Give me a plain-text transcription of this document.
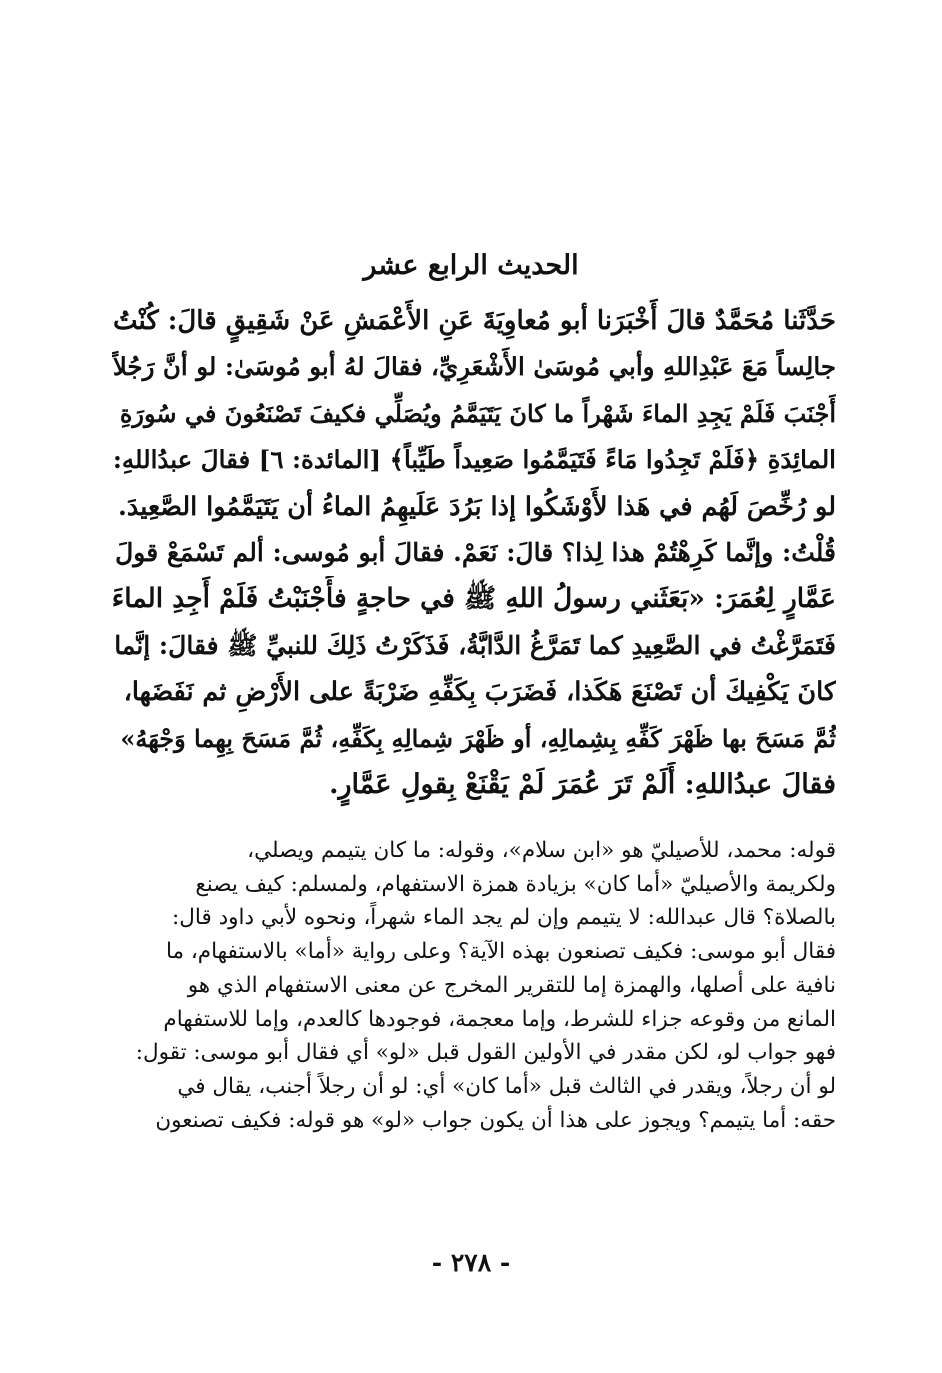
الحديث الرابع عشر
حَدَّثَنا مُحَمَّدٌ قالَ أَخْبَرَنا أبو مُعاوِيَةَ عَنِ الأَعْمَشِ عَنْ شَقِيقٍ قالَ: كُنْتُ
جالِساً مَعَ عَبْدِاللهِ وأبي مُوسَىٰ الأَشْعَرِيِّ، فقالَ لهُ أبو مُوسَىٰ: لو أنَّ رَجُلاً
أَجْنَبَ فَلَمْ يَجِدِ الماءَ شَهْراً ما كانَ يَتَيَمَّمُ ويُصَلِّي فكيفَ تَصْنَعُونَ في سُورَةِ
المائِدَةِ ﴿فَلَمْ تَجِدُوا مَاءً فَتَيَمَّمُوا صَعِيداً طَيِّباً﴾ [المائدة: ٦] فقالَ عبدُاللهِ:
لو رُخِّصَ لَهُم في هَذا لأَوْشَكُوا إذا بَرُدَ عَلَيهِمُ الماءُ أن يَتَيَمَّمُوا الصَّعِيدَ.
قُلْتُ: وإنَّما كَرِهْتُمْ هذا لِذا؟ قالَ: نَعَمْ. فقالَ أبو مُوسى: ألم تَسْمَعْ قولَ
عَمَّارٍ لِعُمَرَ: «بَعَثَني رسولُ اللهِ ﷺ في حاجةٍ فأَجْنَبْتُ فَلَمْ أَجِدِ الماءَ
فَتَمَرَّغْتُ في الصَّعِيدِ كما تَمَرَّغُ الدَّابَّةُ، فَذَكَرْتُ ذَلِكَ للنبيِّ ﷺ فقالَ: إنَّما
كانَ يَكْفِيكَ أن تَصْنَعَ هَكَذا، فَضَرَبَ بِكَفِّهِ ضَرْبَةً على الأَرْضِ ثم نَفَضَها،
ثُمَّ مَسَحَ بها ظَهْرَ كَفِّهِ بِشِمالِهِ، أو ظَهْرَ شِمالِهِ بِكَفِّهِ، ثُمَّ مَسَحَ بِهِما وَجْهَهُ»
فقالَ عبدُاللهِ: أَلَمْ تَرَ عُمَرَ لَمْ يَقْنَعْ بِقولِ عَمَّارٍ.
قوله: محمد، للأصيليّ هو «ابن سلام»، وقوله: ما كان يتيمم ويصلي،
ولكريمة والأصيليّ «أما كان» بزيادة همزة الاستفهام، ولمسلم: كيف يصنع
بالصلاة؟ قال عبدالله: لا يتيمم وإن لم يجد الماء شهراً، ونحوه لأبي داود قال:
فقال أبو موسى: فكيف تصنعون بهذه الآية؟ وعلى رواية «أما» بالاستفهام، ما
نافية على أصلها، والهمزة إما للتقرير المخرج عن معنى الاستفهام الذي هو
المانع من وقوعه جزاء للشرط، وإما معجمة، فوجودها كالعدم، وإما للاستفهام
فهو جواب لو، لكن مقدر في الأولين القول قبل «لو» أي فقال أبو موسى: تقول:
لو أن رجلاً، ويقدر في الثالث قبل «أما كان» أي: لو أن رجلاً أجنب، يقال في
حقه: أما يتيمم؟ ويجوز على هذا أن يكون جواب «لو» هو قوله: فكيف تصنعون
- ٢٧٨ -
